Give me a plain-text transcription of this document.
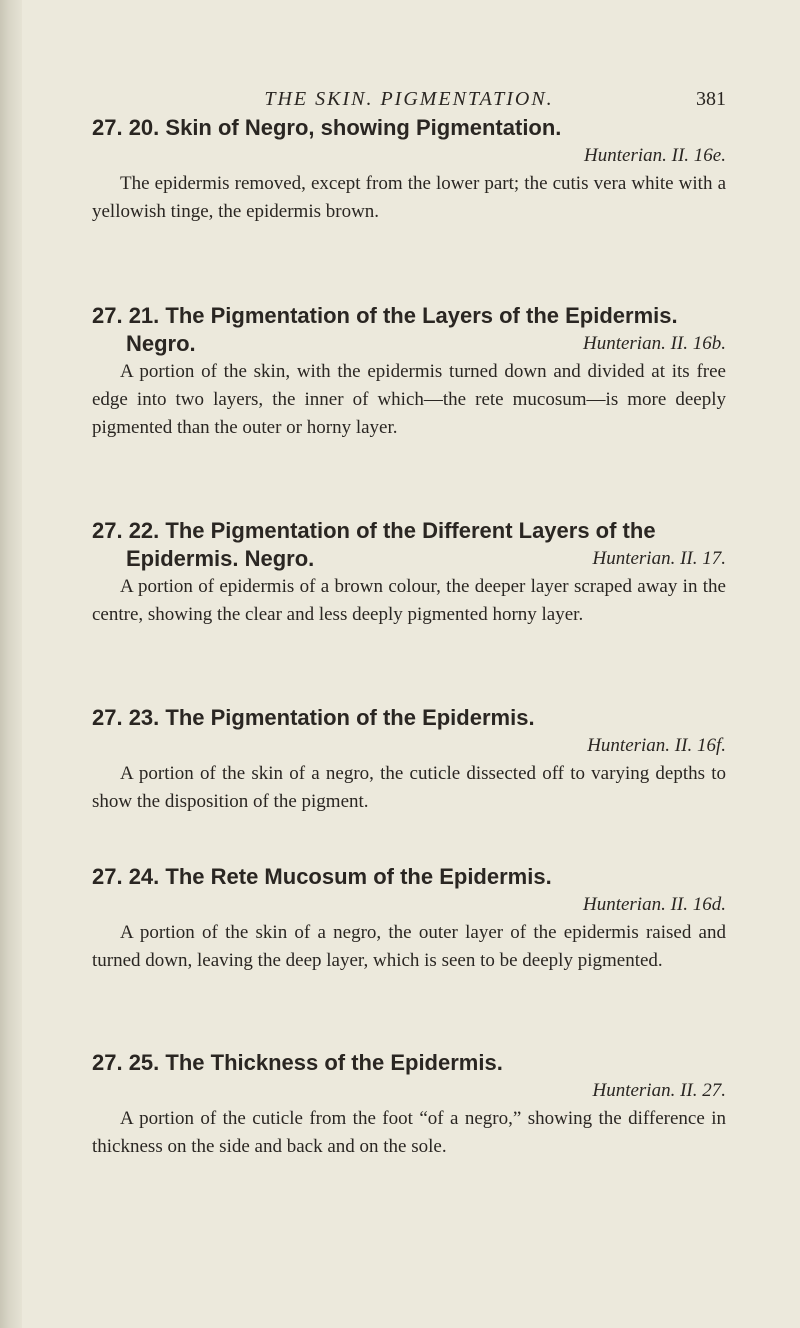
THE SKIN. PIGMENTATION.	381
27. 20. Skin of Negro, showing Pigmentation.
Hunterian. II. 16e.

The epidermis removed, except from the lower part; the cutis vera white with a yellowish tinge, the epidermis brown.

27. 21. The Pigmentation of the Layers of the Epidermis.
Negro.	Hunterian. II. 16b.

A portion of the skin, with the epidermis turned down and divided at its free edge into two layers, the inner of which—the rete mucosum—is more deeply pigmented than the outer or horny layer.

27. 22. The Pigmentation of the Different Layers of the
Epidermis. Negro.	Hunterian. II. 17.

A portion of epidermis of a brown colour, the deeper layer scraped away in the centre, showing the clear and less deeply pigmented horny layer.

27. 23. The Pigmentation of the Epidermis.
Hunterian. II. 16f.

A portion of the skin of a negro, the cuticle dissected off to varying depths to show the disposition of the pigment.

27. 24. The Rete Mucosum of the Epidermis.
Hunterian. II. 16d.

A portion of the skin of a negro, the outer layer of the epidermis raised and turned down, leaving the deep layer, which is seen to be deeply pigmented.

27. 25. The Thickness of the Epidermis.
Hunterian. II. 27.

A portion of the cuticle from the foot “of a negro,” showing the difference in thickness on the side and back and on the sole.
